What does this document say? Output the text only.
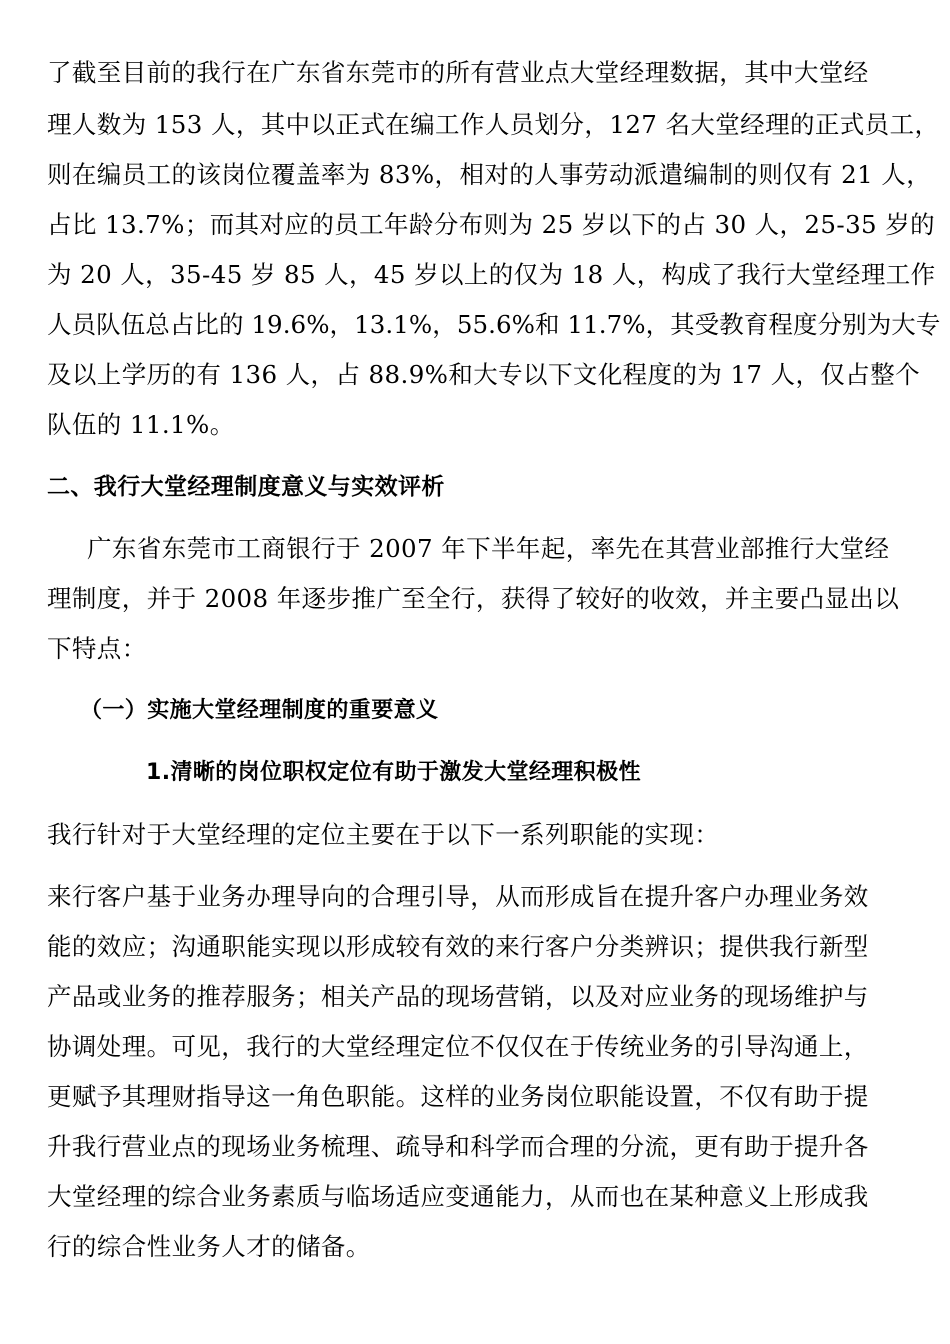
了截至目前的我行在广东省东莞市的所有营业点大堂经理数据，其中大堂经
理人数为 153 人，其中以正式在编工作人员划分，127 名大堂经理的正式员工，
则在编员工的该岗位覆盖率为 83%，相对的人事劳动派遣编制的则仅有 21 人，
占比 13.7%；而其对应的员工年龄分布则为 25 岁以下的占 30 人，25-35 岁的
为 20 人，35-45 岁 85 人，45 岁以上的仅为 18 人，构成了我行大堂经理工作
人员队伍总占比的 19.6%，13.1%，55.6%和 11.7%，其受教育程度分别为大专
及以上学历的有 136 人，占 88.9%和大专以下文化程度的为 17 人，仅占整个
队伍的 11.1%。
二、我行大堂经理制度意义与实效评析
广东省东莞市工商银行于 2007 年下半年起，率先在其营业部推行大堂经
理制度，并于 2008 年逐步推广至全行，获得了较好的收效，并主要凸显出以
下特点：
（一）实施大堂经理制度的重要意义
1.清晰的岗位职权定位有助于激发大堂经理积极性
我行针对于大堂经理的定位主要在于以下一系列职能的实现：
来行客户基于业务办理导向的合理引导，从而形成旨在提升客户办理业务效
能的效应；沟通职能实现以形成较有效的来行客户分类辨识；提供我行新型
产品或业务的推荐服务；相关产品的现场营销，以及对应业务的现场维护与
协调处理。可见，我行的大堂经理定位不仅仅在于传统业务的引导沟通上，
更赋予其理财指导这一角色职能。这样的业务岗位职能设置，不仅有助于提
升我行营业点的现场业务梳理、疏导和科学而合理的分流，更有助于提升各
大堂经理的综合业务素质与临场适应变通能力，从而也在某种意义上形成我
行的综合性业务人才的储备。
